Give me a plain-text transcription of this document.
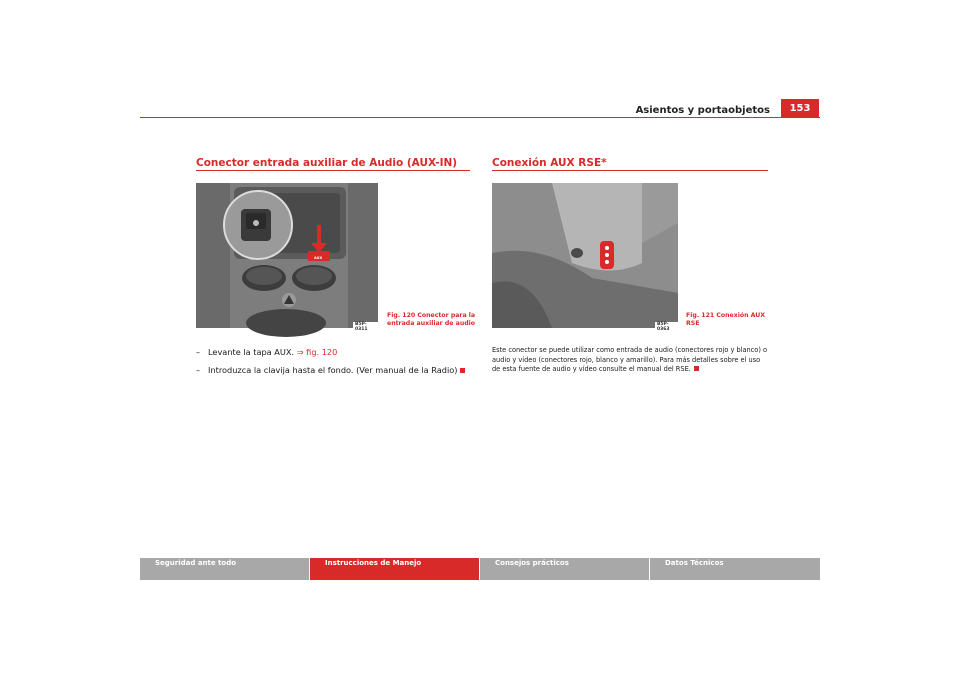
Asientos y portaobjetos	153
Conector entrada auxiliar de Audio (AUX-IN)
AUX
B5P-0311
Fig. 120 Conector para la
entrada auxiliar de audio
– Levante la tapa AUX. ⇒ fig. 120
– Introduzca la clavija hasta el fondo. (Ver manual de la Radio)
Conexión AUX RSE*
B5P-0363
Fig. 121 Conexión AUX
RSE
Este conector se puede utilizar como entrada de audio (conectores rojo y blanco) o audio y vídeo (conectores rojo, blanco y amarillo). Para más detalles sobre el uso de esta fuente de audio y vídeo consulte el manual del RSE.
Seguridad ante todo	Instrucciones de Manejo	Consejos prácticos	Datos Técnicos
